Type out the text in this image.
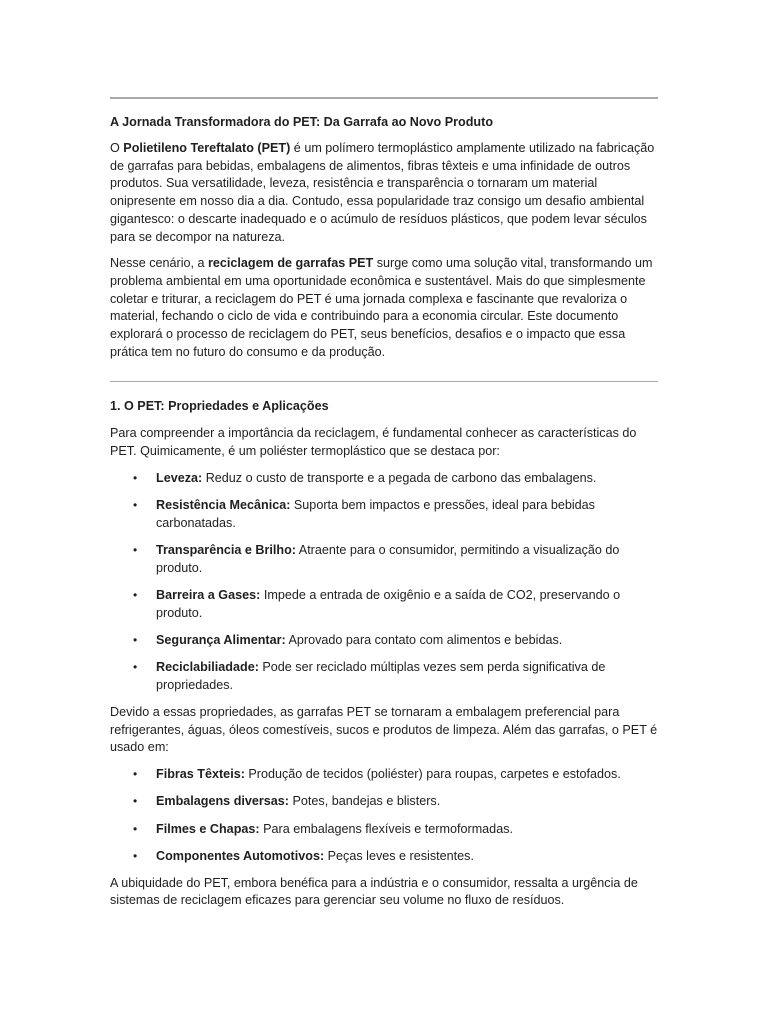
A Jornada Transformadora do PET: Da Garrafa ao Novo Produto

O Polietileno Tereftalato (PET) é um polímero termoplástico amplamente utilizado na fabricação de garrafas para bebidas, embalagens de alimentos, fibras têxteis e uma infinidade de outros produtos. Sua versatilidade, leveza, resistência e transparência o tornaram um material onipresente em nosso dia a dia. Contudo, essa popularidade traz consigo um desafio ambiental gigantesco: o descarte inadequado e o acúmulo de resíduos plásticos, que podem levar séculos para se decompor na natureza.

Nesse cenário, a reciclagem de garrafas PET surge como uma solução vital, transformando um problema ambiental em uma oportunidade econômica e sustentável. Mais do que simplesmente coletar e triturar, a reciclagem do PET é uma jornada complexa e fascinante que revaloriza o material, fechando o ciclo de vida e contribuindo para a economia circular. Este documento explorará o processo de reciclagem do PET, seus benefícios, desafios e o impacto que essa prática tem no futuro do consumo e da produção.

1. O PET: Propriedades e Aplicações

Para compreender a importância da reciclagem, é fundamental conhecer as características do PET. Quimicamente, é um poliéster termoplástico que se destaca por:

• Leveza: Reduz o custo de transporte e a pegada de carbono das embalagens.
• Resistência Mecânica: Suporta bem impactos e pressões, ideal para bebidas carbonatadas.
• Transparência e Brilho: Atraente para o consumidor, permitindo a visualização do produto.
• Barreira a Gases: Impede a entrada de oxigênio e a saída de CO2, preservando o produto.
• Segurança Alimentar: Aprovado para contato com alimentos e bebidas.
• Reciclabiliadade: Pode ser reciclado múltiplas vezes sem perda significativa de propriedades.

Devido a essas propriedades, as garrafas PET se tornaram a embalagem preferencial para refrigerantes, águas, óleos comestíveis, sucos e produtos de limpeza. Além das garrafas, o PET é usado em:

• Fibras Têxteis: Produção de tecidos (poliéster) para roupas, carpetes e estofados.
• Embalagens diversas: Potes, bandejas e blisters.
• Filmes e Chapas: Para embalagens flexíveis e termoformadas.
• Componentes Automotivos: Peças leves e resistentes.

A ubiquidade do PET, embora benéfica para a indústria e o consumidor, ressalta a urgência de sistemas de reciclagem eficazes para gerenciar seu volume no fluxo de resíduos.
